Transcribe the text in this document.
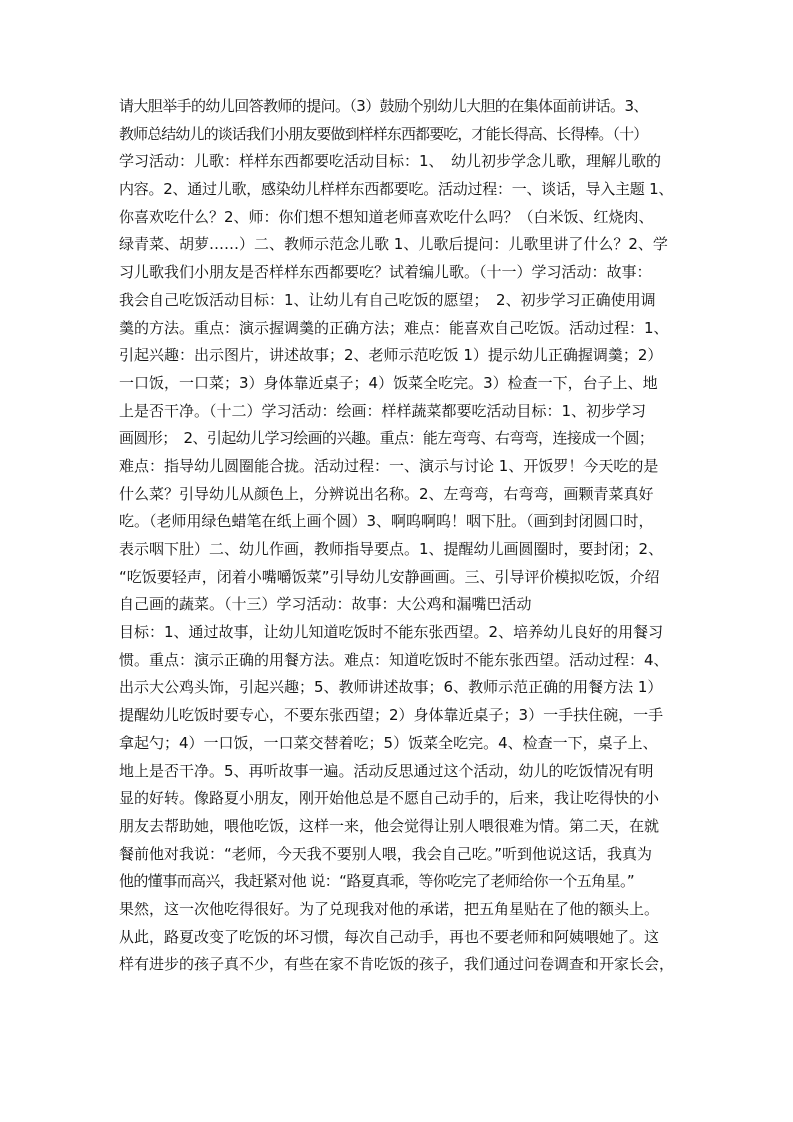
请大胆举手的幼儿回答教师的提问。（3）鼓励个别幼儿大胆的在集体面前讲话。3、
教师总结幼儿的谈话我们小朋友要做到样样东西都要吃，才能长得高、长得棒。（十）
学习活动：儿歌：样样东西都要吃活动目标：1、　幼儿初步学念儿歌，理解儿歌的
内容。2、通过儿歌，感染幼儿样样东西都要吃。活动过程：一、谈话，导入主题 1、
你喜欢吃什么？2、师：你们想不想知道老师喜欢吃什么吗？（白米饭、红烧肉、
绿青菜、胡萝……）二、教师示范念儿歌 1、儿歌后提问：儿歌里讲了什么？2、学
习儿歌我们小朋友是否样样东西都要吃？试着编儿歌。（十一）学习活动：故事：
我会自己吃饭活动目标：1、让幼儿有自己吃饭的愿望；　2、初步学习正确使用调
羹的方法。重点：演示握调羹的正确方法；难点：能喜欢自己吃饭。活动过程：1、
引起兴趣：出示图片，讲述故事；2、老师示范吃饭 1）提示幼儿正确握调羹；2）
一口饭，一口菜；3）身体靠近桌子；4）饭菜全吃完。3）检查一下，台子上、地
上是否干净。（十二）学习活动：绘画：样样蔬菜都要吃活动目标：1、初步学习
画圆形；　2、引起幼儿学习绘画的兴趣。重点：能左弯弯、右弯弯，连接成一个圆；
难点：指导幼儿圆圈能合拢。活动过程：一、演示与讨论 1、开饭罗！今天吃的是
什么菜？引导幼儿从颜色上，分辨说出名称。2、左弯弯，右弯弯，画颗青菜真好
吃。（老师用绿色蜡笔在纸上画个圆）3、啊呜啊呜！咽下肚。（画到封闭圆口时，
表示咽下肚）二、幼儿作画，教师指导要点。1、提醒幼儿画圆圈时，要封闭；2、
“吃饭要轻声，闭着小嘴嚼饭菜”引导幼儿安静画画。三、引导评价模拟吃饭，介绍
自己画的蔬菜。（十三）学习活动：故事：大公鸡和漏嘴巴活动
目标：1、通过故事，让幼儿知道吃饭时不能东张西望。2、培养幼儿良好的用餐习
惯。重点：演示正确的用餐方法。难点：知道吃饭时不能东张西望。活动过程：4、
出示大公鸡头饰，引起兴趣；5、教师讲述故事；6、教师示范正确的用餐方法 1）
提醒幼儿吃饭时要专心，不要东张西望；2）身体靠近桌子；3）一手扶住碗，一手
拿起勺；4）一口饭，一口菜交替着吃；5）饭菜全吃完。4、检查一下，桌子上、
地上是否干净。5、再听故事一遍。活动反思通过这个活动，幼儿的吃饭情况有明
显的好转。像路夏小朋友，刚开始他总是不愿自己动手的，后来，我让吃得快的小
朋友去帮助她，喂他吃饭，这样一来，他会觉得让别人喂很难为情。第二天，在就
餐前他对我说：“老师，今天我不要别人喂，我会自己吃。”听到他说这话，我真为
他的懂事而高兴，我赶紧对他 说：“路夏真乖，等你吃完了老师给你一个五角星。”
果然，这一次他吃得很好。为了兑现我对他的承诺，把五角星贴在了他的额头上。
从此，路夏改变了吃饭的坏习惯，每次自己动手，再也不要老师和阿姨喂她了。这
样有进步的孩子真不少，有些在家不肯吃饭的孩子，我们通过问卷调查和开家长会，
